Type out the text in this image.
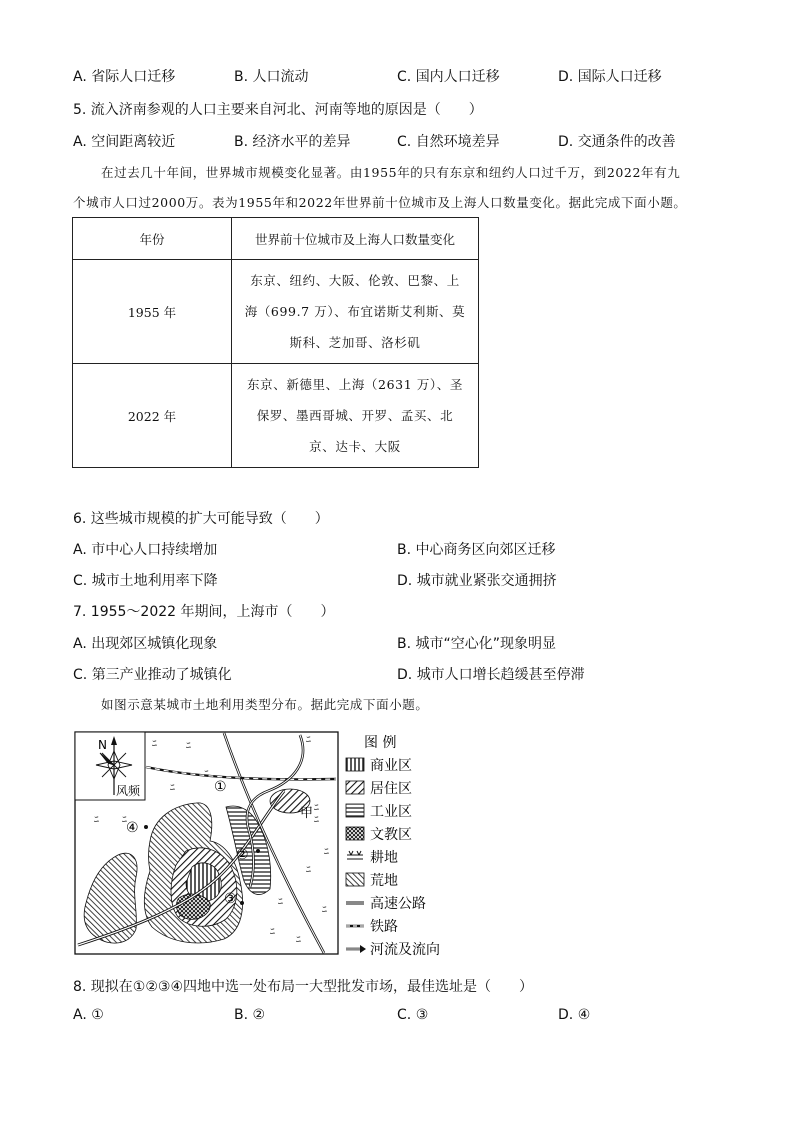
A. 省际人口迁移	B. 人口流动	C. 国内人口迁移	D. 国际人口迁移
5. 流入济南参观的人口主要来自河北、河南等地的原因是（　　）
A. 空间距离较近	B. 经济水平的差异	C. 自然环境差异	D. 交通条件的改善
在过去几十年间，世界城市规模变化显著。由1955年的只有东京和纽约人口过千万，到2022年有九
个城市人口过2000万。表为1955年和2022年世界前十位城市及上海人口数量变化。据此完成下面小题。
年份	世界前十位城市及上海人口数量变化
1955 年	东京、纽约、大阪、伦敦、巴黎、上
海（699.7 万）、布宜诺斯艾利斯、莫
斯科、芝加哥、洛杉矶

2022 年	东京、新德里、上海（2631 万）、圣
保罗、墨西哥城、开罗、孟买、北
京、达卡、大阪
6. 这些城市规模的扩大可能导致（　　）
A. 市中心人口持续增加	B. 中心商务区向郊区迁移
C. 城市土地利用率下降	D. 城市就业紧张交通拥挤
7. 1955～2022 年期间，上海市（　　）
A. 出现郊区城镇化现象	B. 城市“空心化”现象明显
C. 第三产业推动了城镇化	D. 城市人口增长趋缓甚至停滞
如图示意某城市土地利用类型分布。据此完成下面小题。
N
风频
ﾆ	ﾆ
ﾆ
ﾆ ﾆ
ﾆ
ﾆ
ﾆ
ﾆ
ﾆ
ﾆ
ﾆ
ﾆ
ﾆ
ﾆ
①
②
③
④
甲
图 例
商业区
居住区
工业区
文教区
耕地
荒地
高速公路
铁路
河流及流向
8. 现拟在①②③④四地中选一处布局一大型批发市场，最佳选址是（　　）
A. ①	B. ②	C. ③	D. ④
